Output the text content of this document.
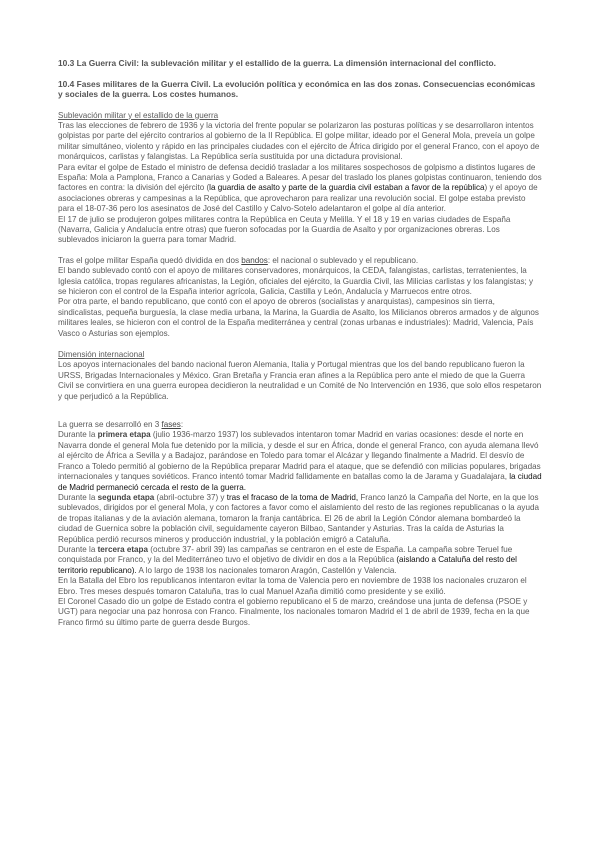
10.3 La Guerra Civil: la sublevación militar y el estallido de la guerra. La dimensión internacional del conflicto.

10.4 Fases militares de la Guerra Civil. La evolución política y económica en las dos zonas. Consecuencias económicas y sociales de la guerra. Los costes humanos.

Sublevación militar y el estallido de la guerra

Tras las elecciones de febrero de 1936 y la victoria del frente popular se polarizaron las posturas políticas y se desarrollaron intentos golpistas por parte del ejército contrarios al gobierno de la II República. El golpe militar, ideado por el General Mola, preveía un golpe militar simultáneo, violento y rápido en las principales ciudades con el ejército de África dirigido por el general Franco, con el apoyo de monárquicos, carlistas y falangistas. La República sería sustituida por una dictadura provisional.

Para evitar el golpe de Estado el ministro de defensa decidió trasladar a los militares sospechosos de golpismo a distintos lugares de España: Mola a Pamplona, Franco a Canarias y Goded a Baleares. A pesar del traslado los planes golpistas continuaron, teniendo dos factores en contra: la división del ejército (la guardia de asalto y parte de la guardia civil estaban a favor de la república) y el apoyo de asociaciones obreras y campesinas a la República, que aprovecharon para realizar una revolución social. El golpe estaba previsto para el 18-07-36 pero los asesinatos de José del Castillo y Calvo-Sotelo adelantaron el golpe al día anterior.

El 17 de julio se produjeron golpes militares contra la República en Ceuta y Melilla. Y el 18 y 19 en varias ciudades de España (Navarra, Galicia y Andalucía entre otras) que fueron sofocadas por la Guardia de Asalto y por organizaciones obreras. Los sublevados iniciaron la guerra para tomar Madrid.

Tras el golpe militar España quedó dividida en dos bandos: el nacional o sublevado y el republicano.

El bando sublevado contó con el apoyo de militares conservadores, monárquicos, la CEDA, falangistas, carlistas, terratenientes, la Iglesia católica, tropas regulares africanistas, la Legión, oficiales del ejército, la Guardia Civil, las Milicias carlistas y los falangistas; y se hicieron con el control de la España interior agrícola, Galicia, Castilla y León, Andalucía y Marruecos entre otros.

Por otra parte, el bando republicano, que contó con el apoyo de obreros (socialistas y anarquistas), campesinos sin tierra, sindicalistas, pequeña burguesía, la clase media urbana, la Marina, la Guardia de Asalto, los Milicianos obreros armados y de algunos militares leales, se hicieron con el control de la España mediterránea y central (zonas urbanas e industriales): Madrid, Valencia, País Vasco o Asturias son ejemplos.

Dimensión internacional

Los apoyos internacionales del bando nacional fueron Alemania, Italia y Portugal mientras que los del bando republicano fueron la URSS, Brigadas Internacionales y México. Gran Bretaña y Francia eran afines a la República pero ante el miedo de que la Guerra Civil se convirtiera en una guerra europea decidieron la neutralidad e un Comité de No Intervención en 1936, que solo ellos respetaron y que perjudicó a la República.

La guerra se desarrolló en 3 fases:

Durante la primera etapa (julio 1936-marzo 1937) los sublevados intentaron tomar Madrid en varias ocasiones: desde el norte en Navarra donde el general Mola fue detenido por la milicia, y desde el sur en África, donde el general Franco, con ayuda alemana llevó al ejército de África a Sevilla y a Badajoz, parándose en Toledo para tomar el Alcázar y llegando finalmente a Madrid. El desvío de Franco a Toledo permitió al gobierno de la República preparar Madrid para el ataque, que se defendió con milicias populares, brigadas internacionales y tanques soviéticos. Franco intentó tomar Madrid fallidamente en batallas como la de Jarama y Guadalajara, la ciudad de Madrid permaneció cercada el resto de la guerra.

Durante la segunda etapa (abril-octubre 37) y tras el fracaso de la toma de Madrid, Franco lanzó la Campaña del Norte, en la que los sublevados, dirigidos por el general Mola, y con factores a favor como el aislamiento del resto de las regiones republicanas o la ayuda de tropas italianas y de la aviación alemana, tomaron la franja cantábrica. El 26 de abril la Legión Cóndor alemana bombardeó la ciudad de Guernica sobre la población civil, seguidamente cayeron Bilbao, Santander y Asturias. Tras la caída de Asturias la República perdió recursos mineros y producción industrial, y la población emigró a Cataluña.

Durante la tercera etapa (octubre 37- abril 39) las campañas se centraron en el este de España. La campaña sobre Teruel fue conquistada por Franco, y la del Mediterráneo tuvo el objetivo de dividir en dos a la República (aislando a Cataluña del resto del territorio republicano). A lo largo de 1938 los nacionales tomaron Aragón, Castellón y Valencia.

En la Batalla del Ebro los republicanos intentaron evitar la toma de Valencia pero en noviembre de 1938 los nacionales cruzaron el Ebro. Tres meses después tomaron Cataluña, tras lo cual Manuel Azaña dimitió como presidente y se exilió.

El Coronel Casado dio un golpe de Estado contra el gobierno republicano el 5 de marzo, creándose una junta de defensa (PSOE y UGT) para negociar una paz honrosa con Franco. Finalmente, los nacionales tomaron Madrid el 1 de abril de 1939, fecha en la que Franco firmó su último parte de guerra desde Burgos.
